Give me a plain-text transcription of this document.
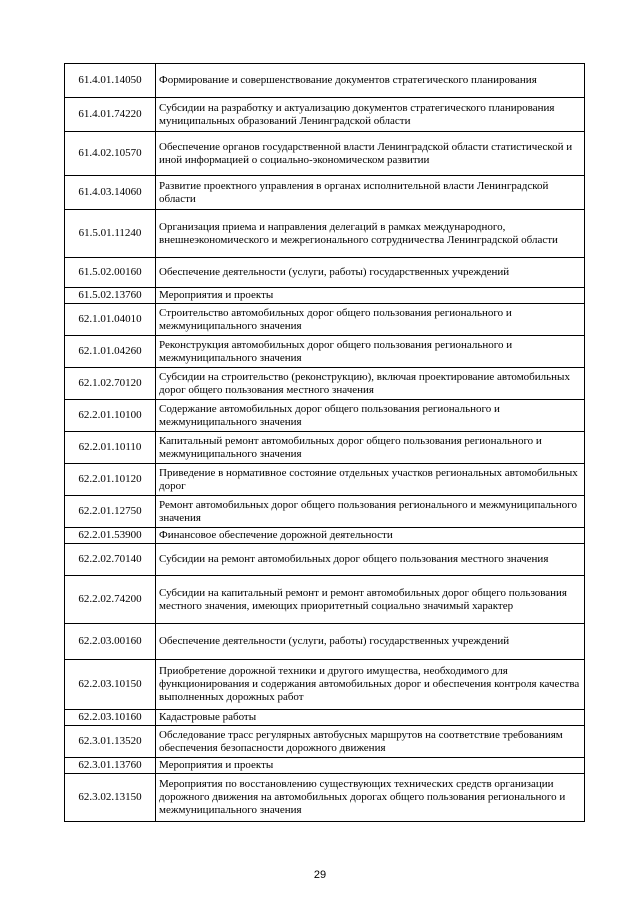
61.4.01.14050	Формирование и совершенствование документов стратегического планирования
61.4.01.74220	Субсидии на разработку и актуализацию документов стратегического планирования муниципальных образований Ленинградской области
61.4.02.10570	Обеспечение органов государственной власти Ленинградской области статистической и иной информацией о социально-экономическом развитии
61.4.03.14060	Развитие проектного управления в органах исполнительной власти Ленинградской области
61.5.01.11240	Организация приема и направления делегаций в рамках международного, внешнеэкономического и межрегионального сотрудничества Ленинградской области
61.5.02.00160	Обеспечение деятельности (услуги, работы) государственных учреждений
61.5.02.13760	Мероприятия и проекты
62.1.01.04010	Строительство автомобильных дорог общего пользования регионального и межмуниципального значения
62.1.01.04260	Реконструкция автомобильных дорог общего пользования регионального и межмуниципального значения
62.1.02.70120	Субсидии на строительство (реконструкцию), включая проектирование автомобильных дорог общего пользования местного значения
62.2.01.10100	Содержание автомобильных дорог общего пользования регионального и межмуниципального значения
62.2.01.10110	Капитальный ремонт автомобильных дорог общего пользования регионального и межмуниципального значения
62.2.01.10120	Приведение в нормативное состояние отдельных участков региональных автомобильных дорог
62.2.01.12750	Ремонт автомобильных дорог общего пользования регионального и межмуниципального значения
62.2.01.53900	Финансовое обеспечение дорожной деятельности
62.2.02.70140	Субсидии на ремонт автомобильных дорог общего пользования местного значения
62.2.02.74200	Субсидии на капитальный ремонт и ремонт автомобильных дорог общего пользования местного значения, имеющих приоритетный социально значимый характер
62.2.03.00160	Обеспечение деятельности (услуги, работы) государственных учреждений
62.2.03.10150	Приобретение дорожной техники и другого имущества, необходимого для функционирования и содержания автомобильных дорог и обеспечения контроля качества выполненных дорожных работ
62.2.03.10160	Кадастровые работы
62.3.01.13520	Обследование трасс регулярных автобусных маршрутов на соответствие требованиям обеспечения безопасности дорожного движения
62.3.01.13760	Мероприятия и проекты
62.3.02.13150	Мероприятия по восстановлению существующих технических средств организации дорожного движения на автомобильных дорогах общего пользования регионального и межмуниципального значения
29
